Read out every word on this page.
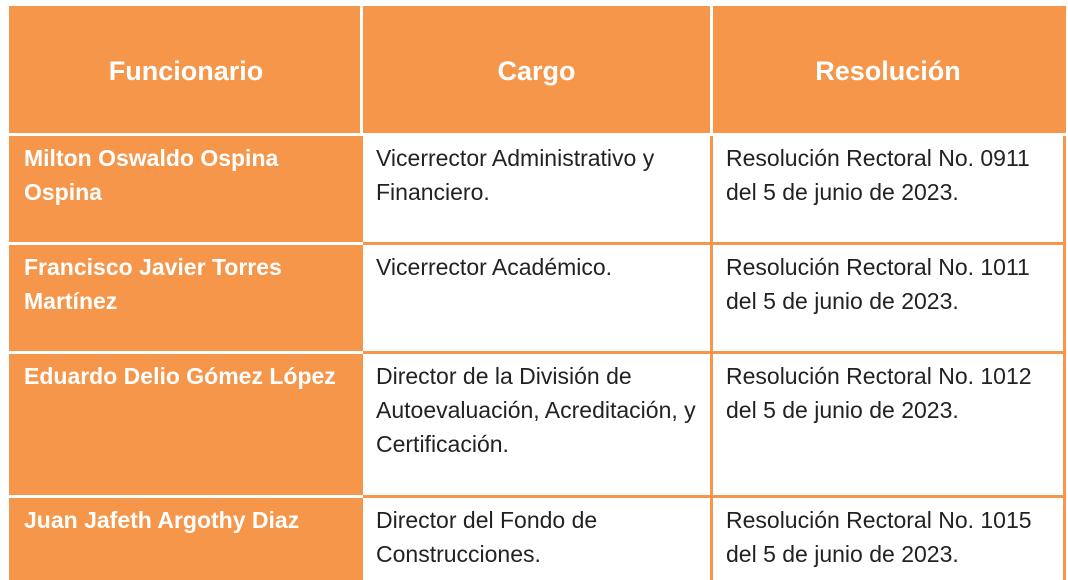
Funcionario	Cargo	Resolución
Milton Oswaldo Ospina Ospina	Vicerrector Administrativo y Financiero.	Resolución Rectoral No. 0911 del 5 de junio de 2023.
Francisco Javier Torres Martínez	Vicerrector Académico.	Resolución Rectoral No. 1011 del 5 de junio de 2023.
Eduardo Delio Gómez López	Director de la División de Autoevaluación, Acreditación, y Certificación.	Resolución Rectoral No. 1012 del 5 de junio de 2023.
Juan Jafeth Argothy Diaz	Director del Fondo de Construcciones.	Resolución Rectoral No. 1015 del 5 de junio de 2023.
